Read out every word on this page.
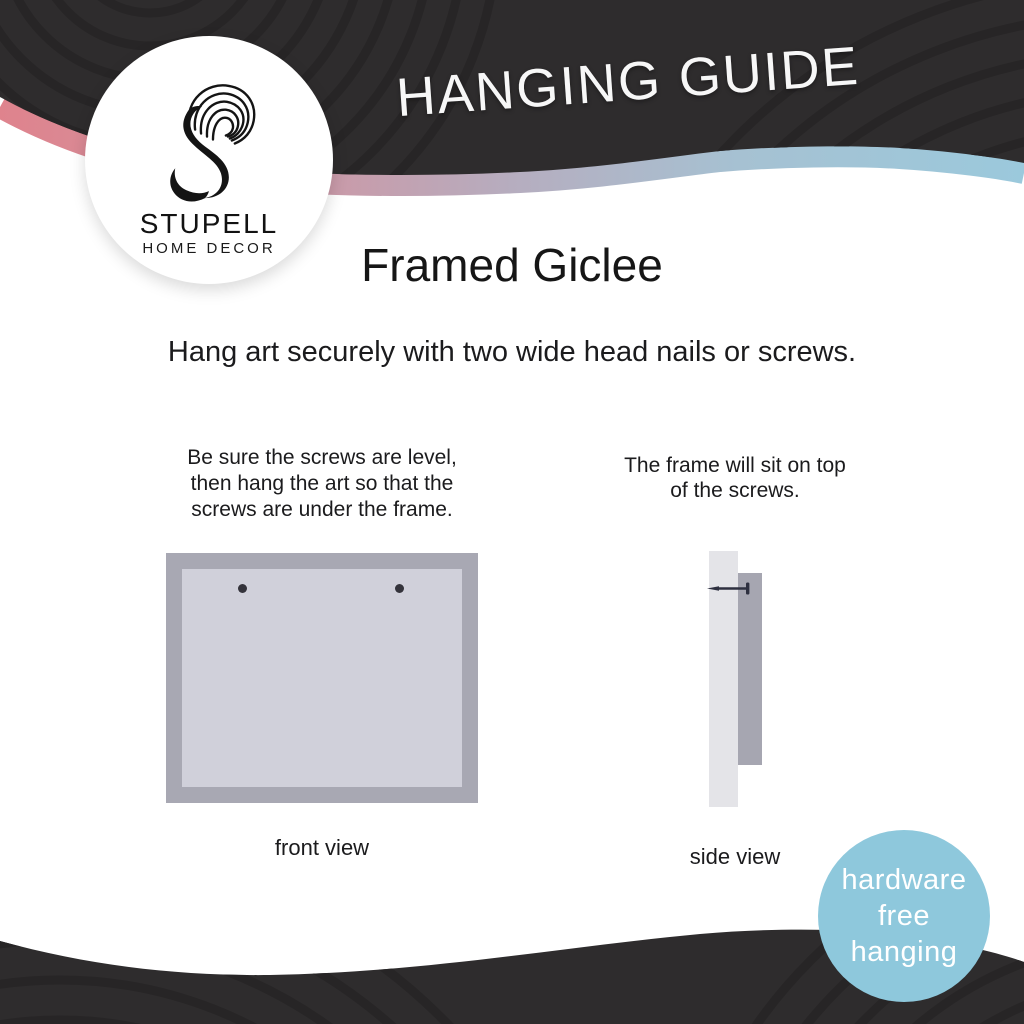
STUPELL
HOME DECOR
HANGING GUIDE
Framed Giclee
Hang art securely with two wide head nails or screws.
Be sure the screws are level,
then hang the art so that the
screws are under the frame.
The frame will sit on top
of the screws.
front view	side view
hardware
free
hanging
